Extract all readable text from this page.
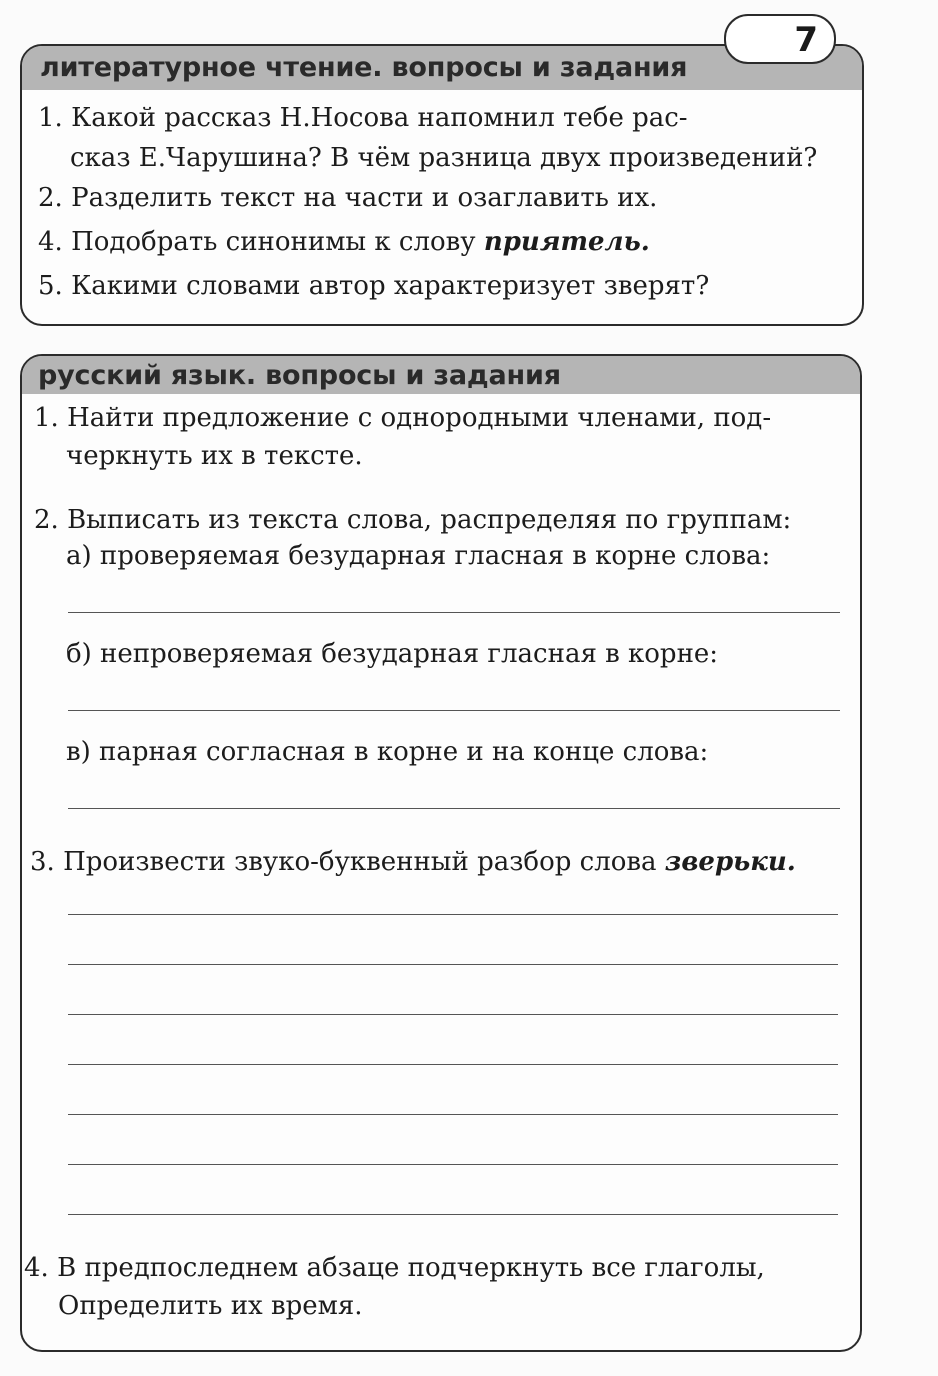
литературное чтение. вопросы и задания
1. Какой рассказ Н.Носова напомнил тебе рас-
сказ Е.Чарушина? В чём разница двух произведений?
2. Разделить текст на части и озаглавить их.
4. Подобрать синонимы к слову приятель.
5. Какими словами автор характеризует зверят?
7
русский язык. вопросы и задания
1. Найти предложение с однородными членами, под-
черкнуть их в тексте.
2. Выписать из текста слова, распределяя по группам:
а) проверяемая безударная гласная в корне слова:
б) непроверяемая безударная гласная в корне:
в) парная согласная в корне и на конце слова:
3. Произвести звуко-буквенный разбор слова зверьки.
4. В предпоследнем абзаце подчеркнуть все глаголы,
Определить их время.
